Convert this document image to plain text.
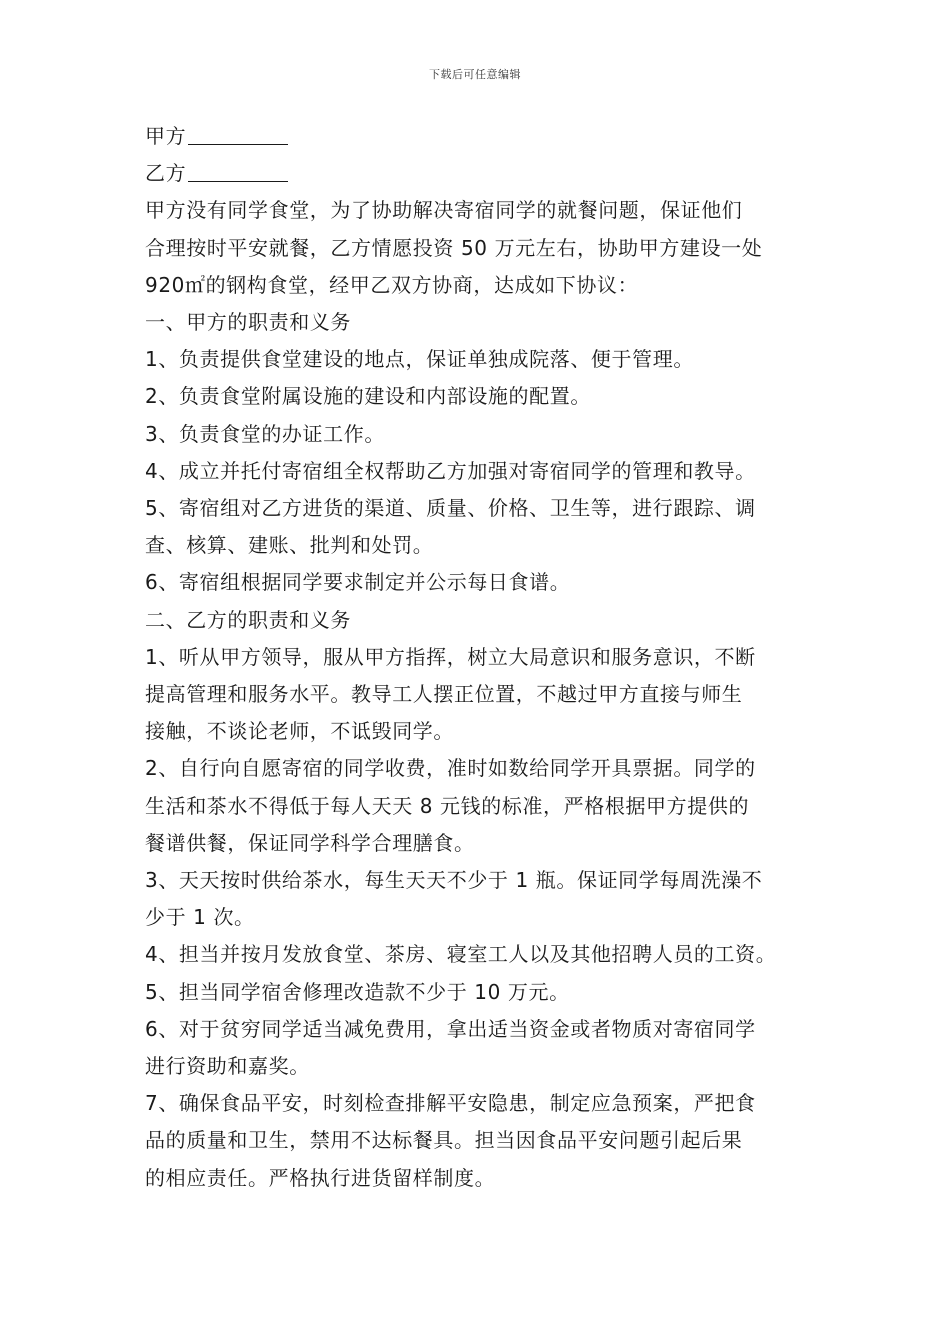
下载后可任意编辑
甲方
乙方
甲方没有同学食堂，为了协助解决寄宿同学的就餐问题，保证他们
合理按时平安就餐，乙方情愿投资 50 万元左右，协助甲方建设一处
920㎡的钢构食堂，经甲乙双方协商，达成如下协议：
一、甲方的职责和义务
1、负责提供食堂建设的地点，保证单独成院落、便于管理。
2、负责食堂附属设施的建设和内部设施的配置。
3、负责食堂的办证工作。
4、成立并托付寄宿组全权帮助乙方加强对寄宿同学的管理和教导。
5、寄宿组对乙方进货的渠道、质量、价格、卫生等，进行跟踪、调
查、核算、建账、批判和处罚。
6、寄宿组根据同学要求制定并公示每日食谱。
二、乙方的职责和义务
1、听从甲方领导，服从甲方指挥，树立大局意识和服务意识，不断
提高管理和服务水平。教导工人摆正位置，不越过甲方直接与师生
接触，不谈论老师，不诋毁同学。
2、自行向自愿寄宿的同学收费，准时如数给同学开具票据。同学的
生活和茶水不得低于每人天天 8 元钱的标准，严格根据甲方提供的
餐谱供餐，保证同学科学合理膳食。
3、天天按时供给茶水，每生天天不少于 1 瓶。保证同学每周洗澡不
少于 1 次。
4、担当并按月发放食堂、茶房、寝室工人以及其他招聘人员的工资。
5、担当同学宿舍修理改造款不少于 10 万元。
6、对于贫穷同学适当减免费用，拿出适当资金或者物质对寄宿同学
进行资助和嘉奖。
7、确保食品平安，时刻检查排解平安隐患，制定应急预案，严把食
品的质量和卫生，禁用不达标餐具。担当因食品平安问题引起后果
的相应责任。严格执行进货留样制度。
